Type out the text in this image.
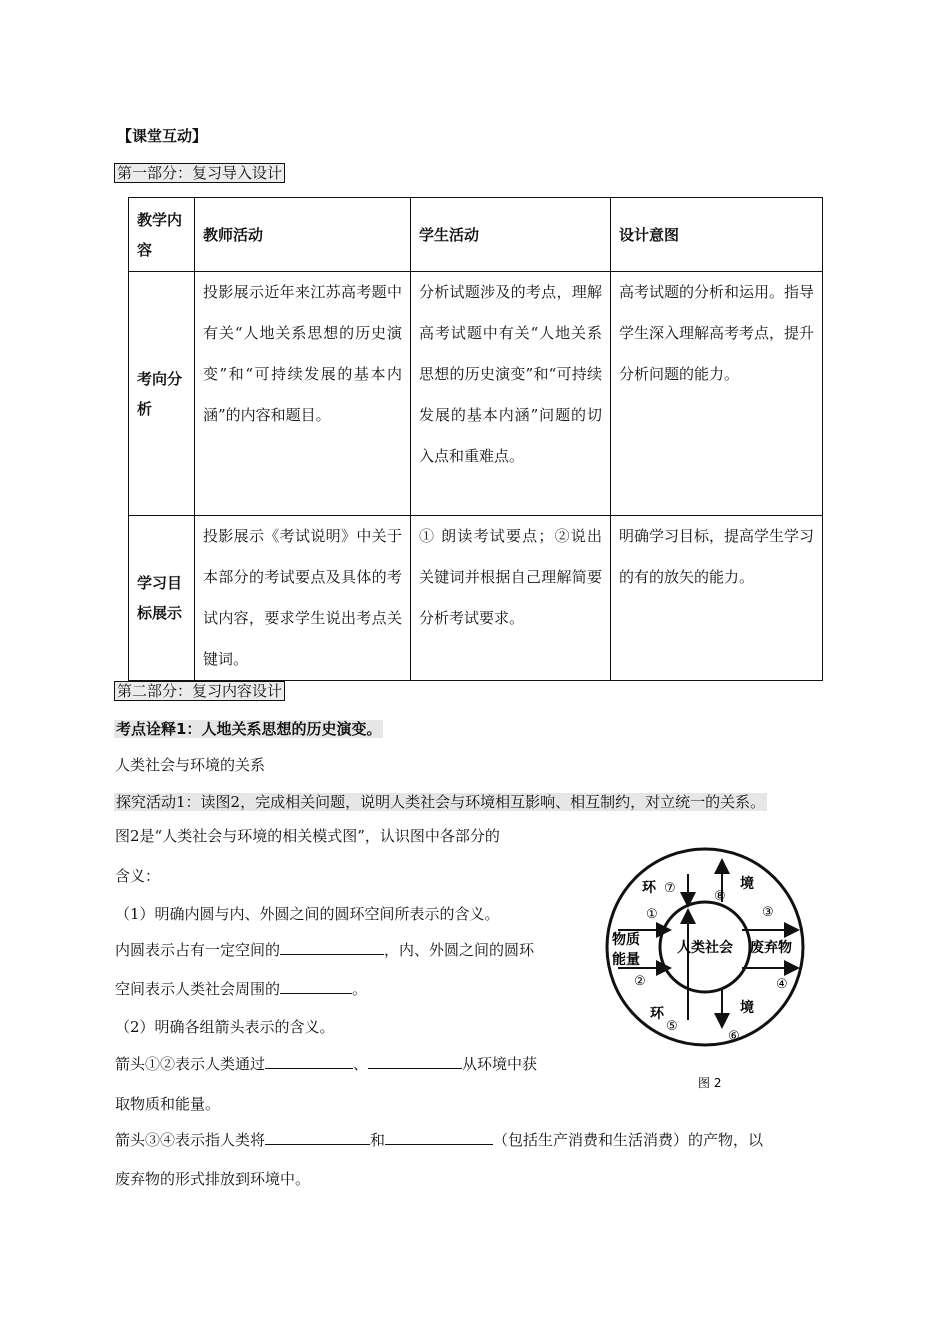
【课堂互动】
第一部分：复习导入设计
教学内容	教师活动	学生活动	设计意图
考向分析	投影展示近年来江苏高考题中有关“人地关系思想的历史演变”和“可持续发展的基本内涵”的内容和题目。	分析试题涉及的考点，理解高考试题中有关“人地关系思想的历史演变”和“可持续发展的基本内涵”问题的切入点和重难点。	高考试题的分析和运用。指导学生深入理解高考考点，提升分析问题的能力。

学习目标展示	投影展示《考试说明》中关于本部分的考试要点及具体的考试内容，要求学生说出考点关键词。	① 朗读考试要点；②说出关键词并根据自己理解简要分析考试要求。	明确学习目标，提高学生学习的有的放矢的能力。
第二部分：复习内容设计
考点诠释1：人地关系思想的历史演变。
人类社会与环境的关系
探究活动1：读图2，完成相关问题，说明人类社会与环境相互影响、相互制约，对立统一的关系。
图2是“人类社会与环境的相关模式图”，认识图中各部分的
含义：
（1）明确内圆与内、外圆之间的圆环空间所表示的含义。
内圆表示占有一定空间的	，内、外圆之间的圆环
空间表示人类社会周围的	。
（2）明确各组箭头表示的含义。
箭头①②表示人类通过	、	从环境中获
取物质和能量。
箭头③④表示指人类将	和	（包括生产消费和生活消费）的产物，以
废弃物的形式排放到环境中。
人类社会
物质
能量
废弃物
环	境
环	境
①
②
③
④
⑤
⑥
⑦
⑧
图 2
